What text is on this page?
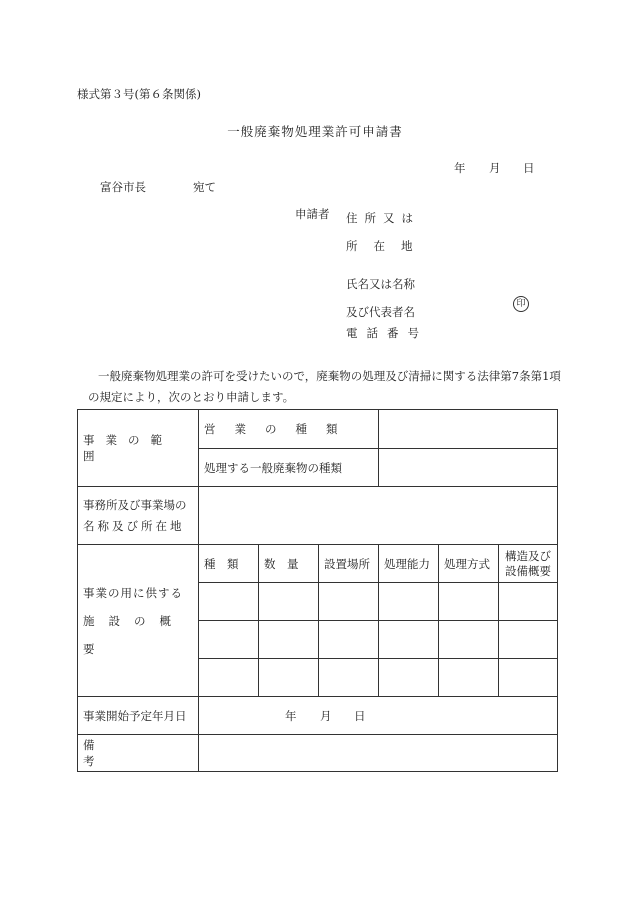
様式第３号(第６条関係)
一般廃棄物処理業許可申請書
年 月 日
富谷市長	宛て
申請者 住所又は
所在地
氏名又は名称
及び代表者名
印
電話番号
一般廃棄物処理業の許可を受けたいので，廃棄物の処理及び清掃に関する法律第7条第1項
の規定により，次のとおり申請します。
事業の範囲	営業の種類					
	処理する一般廃棄物の種類					

事務所及び事業場の
名称及び所在地						

事業の用に供する
施設の概要	種　類	数　量	設置場所	処理能力	処理方式	構造及び設備概要

事業開始予定年月日	年 月 日					

備考						
